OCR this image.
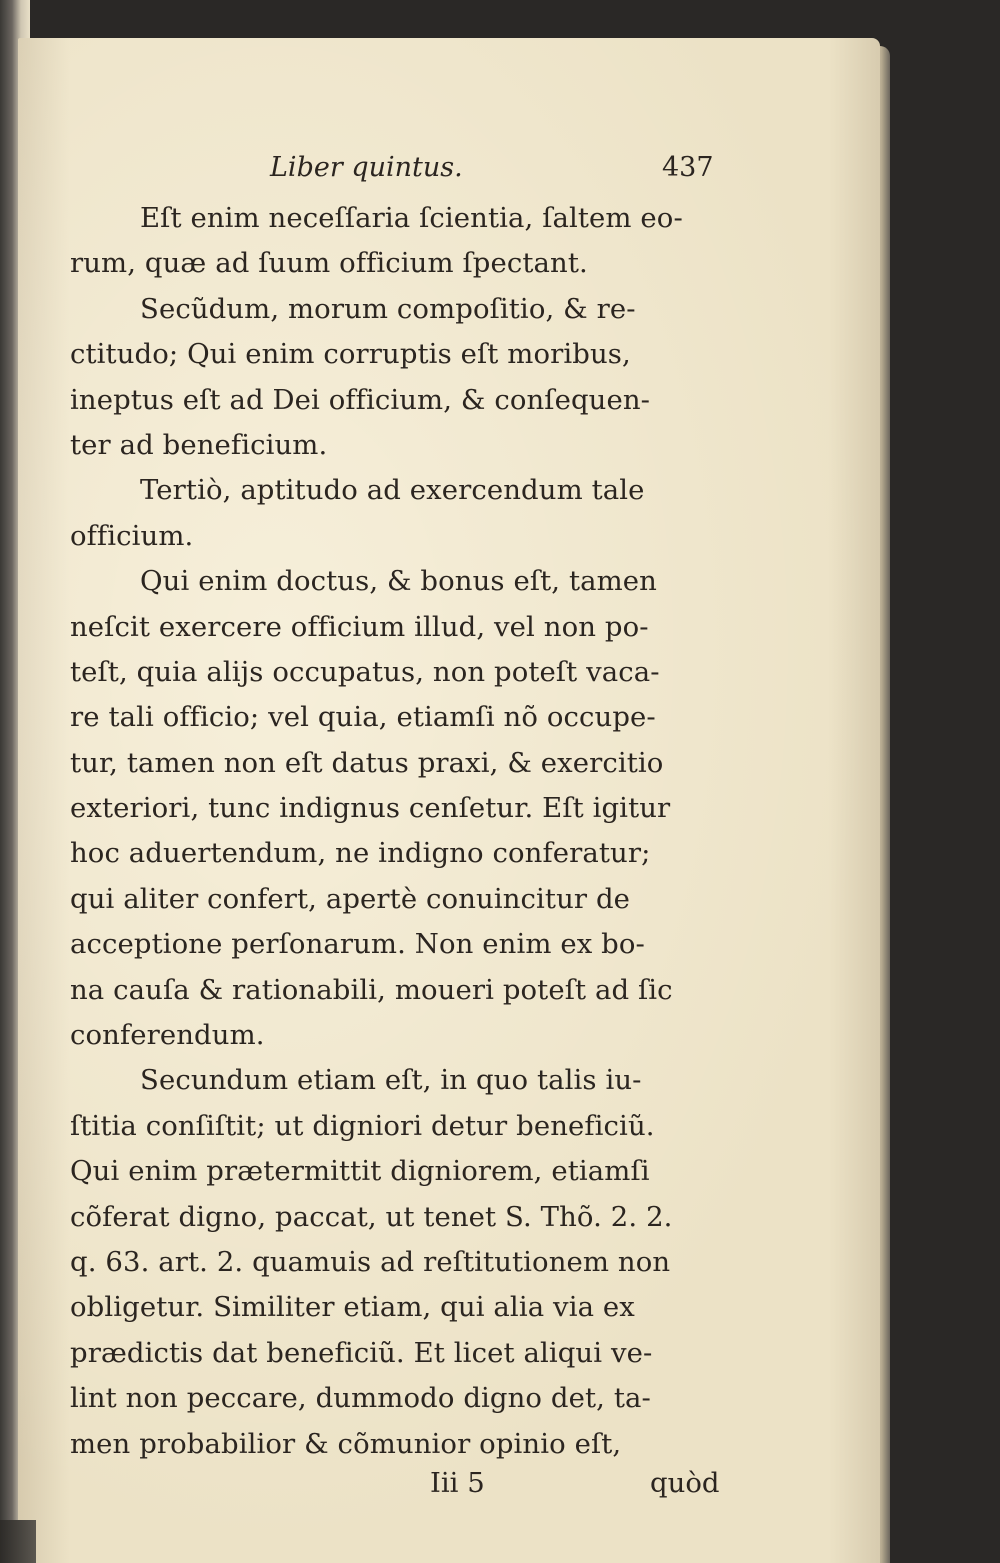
Liber quintus.	437
Eſt enim neceſſaria ſcientia, ſaltem eo-
rum, quæ ad ſuum officium ſpectant.
Secũdum, morum compoſitio, & re-
ctitudo; Qui enim corruptis eſt moribus,
ineptus eſt ad Dei officium, & conſequen-
ter ad beneficium.
Tertiò, aptitudo ad exercendum tale
officium.
Qui enim doctus, & bonus eſt, tamen
neſcit exercere officium illud, vel non po-
teſt, quia alijs occupatus, non poteſt vaca-
re tali officio; vel quia, etiamſi nõ occupe-
tur, tamen non eſt datus praxi, & exercitio
exteriori, tunc indignus cenſetur. Eſt igitur
hoc aduertendum, ne indigno conferatur;
qui aliter confert, apertè conuincitur de
acceptione perſonarum. Non enim ex bo-
na cauſa & rationabili, moueri poteſt ad ſic
conferendum.
Secundum etiam eſt, in quo talis iu-
ſtitia conſiſtit; ut digniori detur beneficiũ.
Qui enim prætermittit digniorem, etiamſi
cõferat digno, paccat, ut tenet S. Thõ. 2. 2.
q. 63. art. 2. quamuis ad reſtitutionem non
obligetur. Similiter etiam, qui alia via ex
prædictis dat beneficiũ. Et licet aliqui ve-
lint non peccare, dummodo digno det, ta-
men probabilior & cõmunior opinio eſt,
Iii 5	quòd
